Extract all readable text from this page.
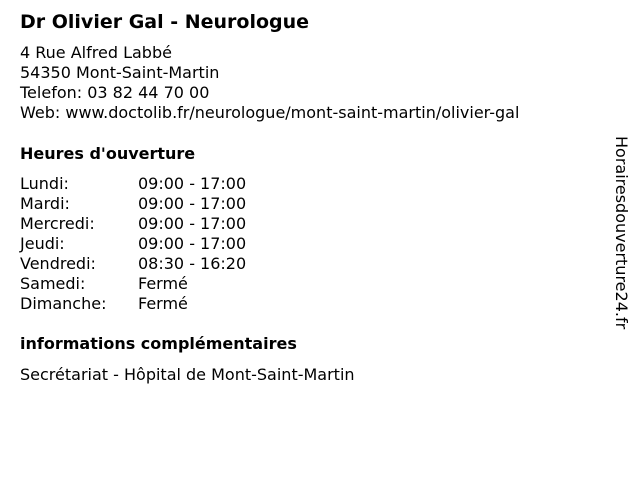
Dr Olivier Gal - Neurologue
4 Rue Alfred Labbé
54350 Mont-Saint-Martin
Telefon: 03 82 44 70 00
Web: www.doctolib.fr/neurologue/mont-saint-martin/olivier-gal
Heures d'ouverture
Lundi:	09:00 - 17:00
Mardi:	09:00 - 17:00
Mercredi:	09:00 - 17:00
Jeudi:	09:00 - 17:00
Vendredi:	08:30 - 16:20
Samedi:	Fermé
Dimanche: Fermé
informations complémentaires
Secrétariat - Hôpital de Mont-Saint-Martin
Horairesdouverture24.fr
